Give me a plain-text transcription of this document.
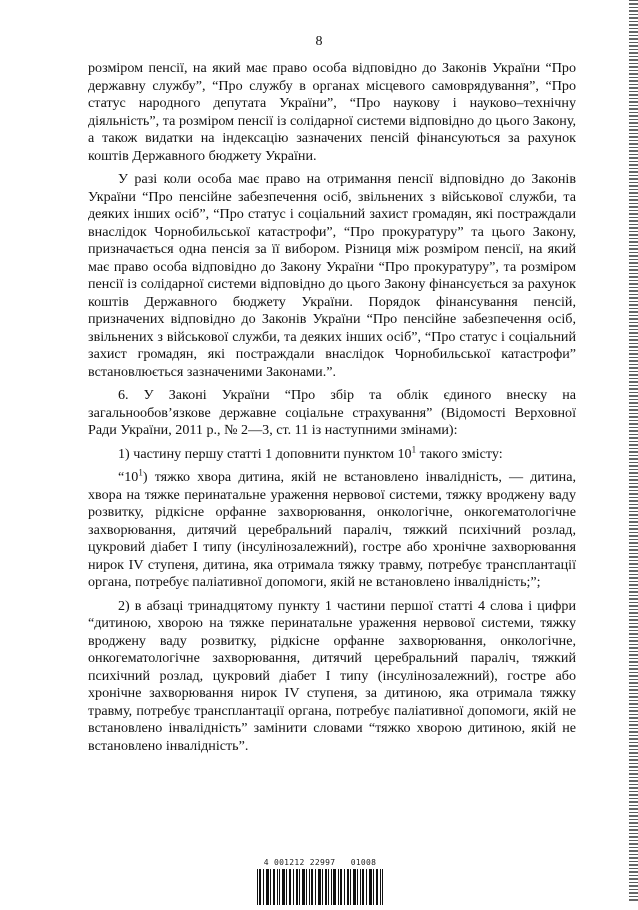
8

розміром пенсії, на який має право особа відповідно до Законів України “Про державну службу”, “Про службу в органах місцевого самоврядування”, “Про статус народного депутата України”, “Про наукову і науково–технічну діяльність”, та розміром пенсії із солідарної системи відповідно до цього Закону, а також видатки на індексацію зазначених пенсій фінансуються за рахунок коштів Державного бюджету України.

У разі коли особа має право на отримання пенсії відповідно до Законів України “Про пенсійне забезпечення осіб, звільнених з військової служби, та деяких інших осіб”, “Про статус і соціальний захист громадян, які постраждали внаслідок Чорнобильської катастрофи”, “Про прокуратуру” та цього Закону, призначається одна пенсія за її вибором. Різниця між розміром пенсії, на який має право особа відповідно до Закону України “Про прокуратуру”, та розміром пенсії із солідарної системи відповідно до цього Закону фінансується за рахунок коштів Державного бюджету України. Порядок фінансування пенсій, призначених відповідно до Законів України “Про пенсійне забезпечення осіб, звільнених з військової служби, та деяких інших осіб”, “Про статус і соціальний захист громадян, які постраждали внаслідок Чорнобильської катастрофи” встановлюється зазначеними Законами.”.

6. У Законі України “Про збір та облік єдиного внеску на загальнообов’язкове державне соціальне страхування” (Відомості Верховної Ради України, 2011 р., № 2—3, ст. 11 із наступними змінами):

1) частину першу статті 1 доповнити пунктом $10^1$ такого змісту:

“$10^1$) тяжко хвора дитина, якій не встановлено інвалідність, — дитина, хвора на тяжке перинатальне ураження нервової системи, тяжку вроджену ваду розвитку, рідкісне орфанне захворювання, онкологічне, онкогематологічне захворювання, дитячий церебральний параліч, тяжкий психічний розлад, цукровий діабет I типу (інсулінозалежний), гостре або хронічне захворювання нирок IV ступеня, дитина, яка отримала тяжку травму, потребує трансплантації органа, потребує паліативної допомоги, якій не встановлено інвалідність;”;

2) в абзаці тринадцятому пункту 1 частини першої статті 4 слова і цифри “дитиною, хворою на тяжке перинатальне ураження нервової системи, тяжку вроджену ваду розвитку, рідкісне орфанне захворювання, онкологічне, онкогематологічне захворювання, дитячий церебральний параліч, тяжкий психічний розлад, цукровий діабет I типу (інсулінозалежний), гостре або хронічне захворювання нирок IV ступеня, за дитиною, яка отримала тяжку травму, потребує трансплантації органа, потребує паліативної допомоги, якій не встановлено інвалідність” замінити словами “тяжко хворою дитиною, якій не встановлено інвалідність”.

4 001212 22997   01008
